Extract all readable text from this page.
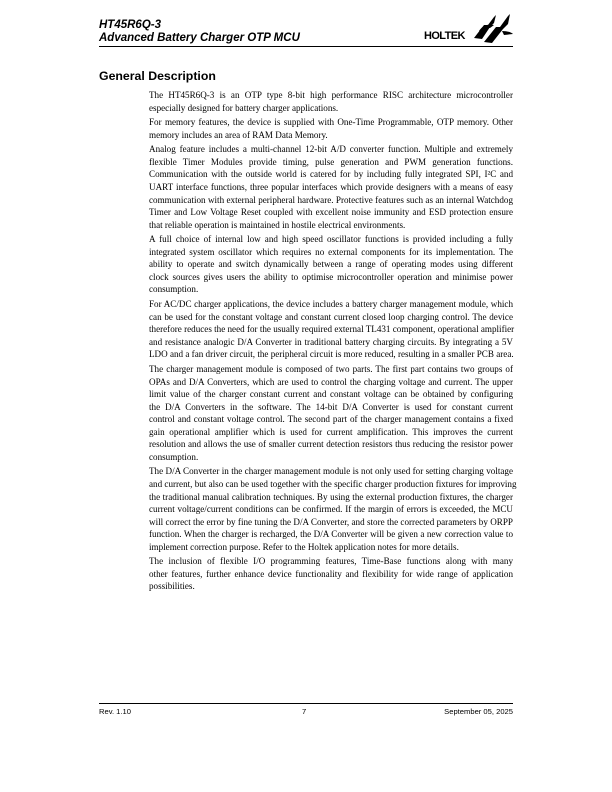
HT45R6Q-3
Advanced Battery Charger OTP MCU	HOLTEK
General Description
The HT45R6Q-3 is an OTP type 8-bit high performance RISC architecture microcontroller
especially designed for battery charger applications.
For memory features, the device is supplied with One-Time Programmable, OTP memory. Other
memory includes an area of RAM Data Memory.
Analog feature includes a multi-channel 12-bit A/D converter function. Multiple and extremely
flexible Timer Modules provide timing, pulse generation and PWM generation functions.
Communication with the outside world is catered for by including fully integrated SPI, I²C and
UART interface functions, three popular interfaces which provide designers with a means of easy
communication with external peripheral hardware. Protective features such as an internal Watchdog
Timer and Low Voltage Reset coupled with excellent noise immunity and ESD protection ensure
that reliable operation is maintained in hostile electrical environments.
A full choice of internal low and high speed oscillator functions is provided including a fully
integrated system oscillator which requires no external components for its implementation. The
ability to operate and switch dynamically between a range of operating modes using different
clock sources gives users the ability to optimise microcontroller operation and minimise power
consumption.
For AC/DC charger applications, the device includes a battery charger management module, which
can be used for the constant voltage and constant current closed loop charging control. The device
therefore reduces the need for the usually required external TL431 component, operational amplifier
and resistance analogic D/A Converter in traditional battery charging circuits. By integrating a 5V
LDO and a fan driver circuit, the peripheral circuit is more reduced, resulting in a smaller PCB area.
The charger management module is composed of two parts. The first part contains two groups of
OPAs and D/A Converters, which are used to control the charging voltage and current. The upper
limit value of the charger constant current and constant voltage can be obtained by configuring
the D/A Converters in the software. The 14-bit D/A Converter is used for constant current
control and constant voltage control. The second part of the charger management contains a fixed
gain operational amplifier which is used for current amplification. This improves the current
resolution and allows the use of smaller current detection resistors thus reducing the resistor power
consumption.
The D/A Converter in the charger management module is not only used for setting charging voltage
and current, but also can be used together with the specific charger production fixtures for improving
the traditional manual calibration techniques. By using the external production fixtures, the charger
current voltage/current conditions can be confirmed. If the margin of errors is exceeded, the MCU
will correct the error by fine tuning the D/A Converter, and store the corrected parameters by ORPP
function. When the charger is recharged, the D/A Converter will be given a new correction value to
implement correction purpose. Refer to the Holtek application notes for more details.
The inclusion of flexible I/O programming features, Time-Base functions along with many
other features, further enhance device functionality and flexibility for wide range of application
possibilities.
Rev. 1.10	7	September 05, 2025
